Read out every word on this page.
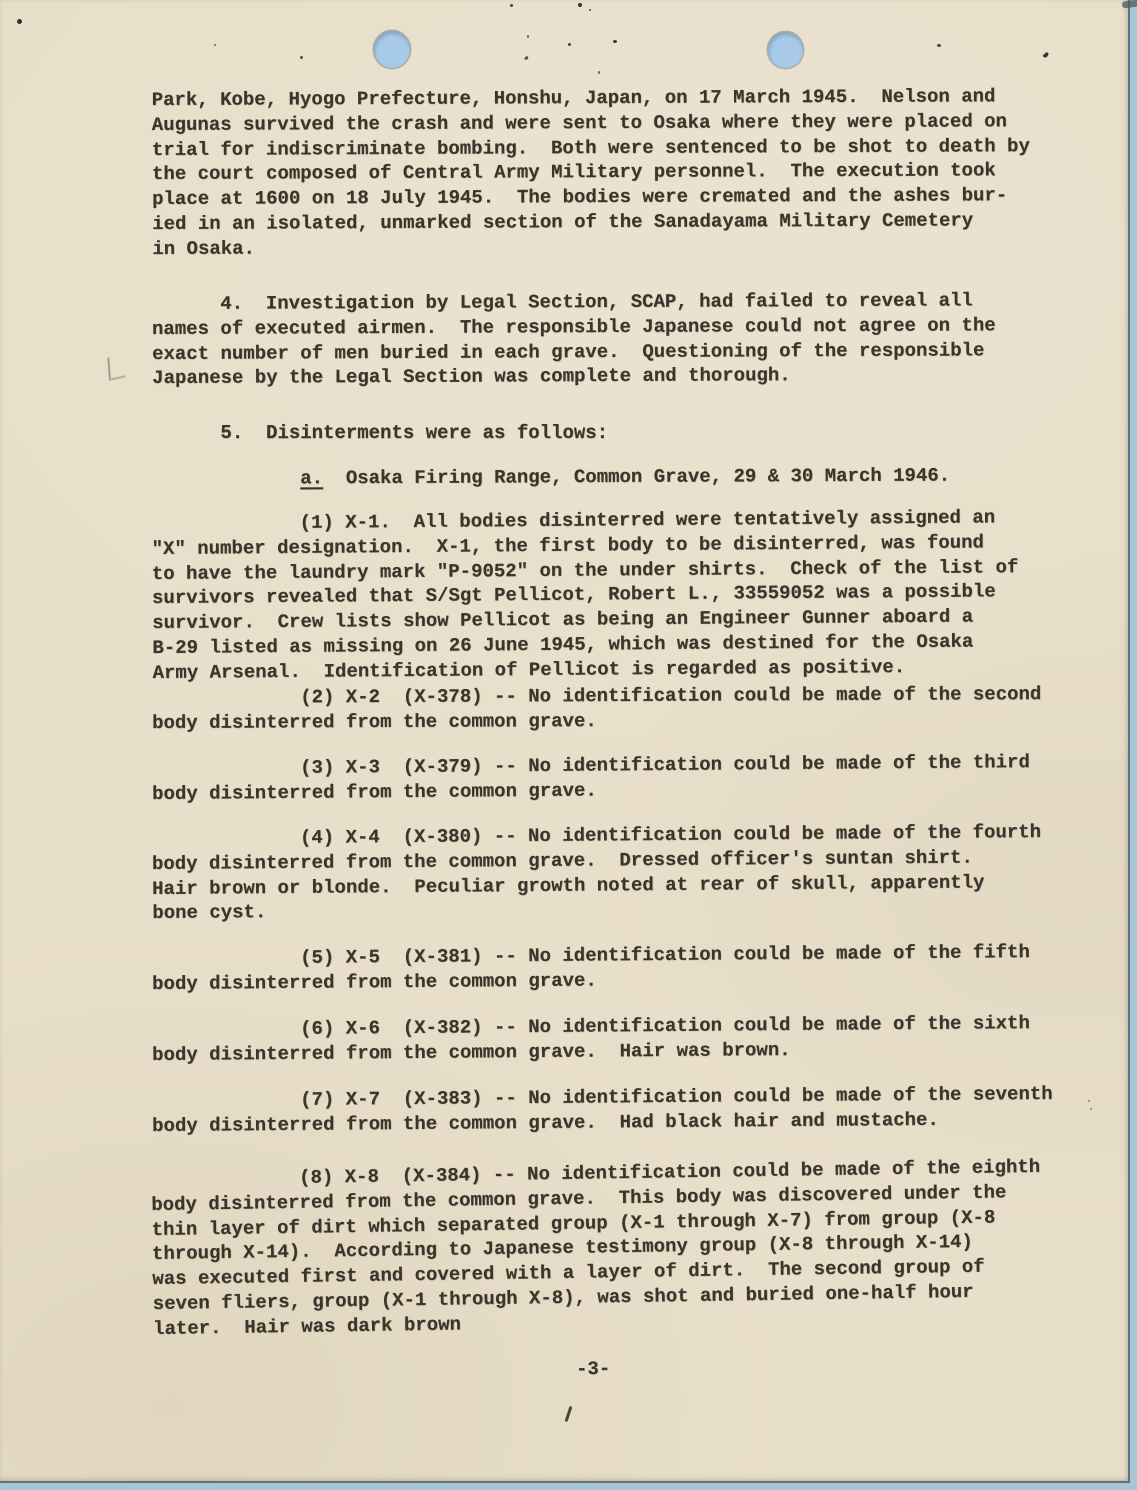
Park, Kobe, Hyogo Prefecture, Honshu, Japan, on 17 March 1945.  Nelson and
Augunas survived the crash and were sent to Osaka where they were placed on
trial for indiscriminate bombing.  Both were sentenced to be shot to death by
the court composed of Central Army Military personnel.  The execution took
place at 1600 on 18 July 1945.  The bodies were cremated and the ashes bur-
ied in an isolated, unmarked section of the Sanadayama Military Cemetery
in Osaka.
4.  Investigation by Legal Section, SCAP, had failed to reveal all
names of executed airmen.  The responsible Japanese could not agree on the
exact number of men buried in each grave.  Questioning of the responsible
Japanese by the Legal Section was complete and thorough.
5.  Disinterments were as follows:
a.  Osaka Firing Range, Common Grave, 29 & 30 March 1946.
(1) X-1.  All bodies disinterred were tentatively assigned an
"X" number designation.  X-1, the first body to be disinterred, was found
to have the laundry mark "P-9052" on the under shirts.  Check of the list of
survivors revealed that S/Sgt Pellicot, Robert L., 33559052 was a possible
survivor.  Crew lists show Pellicot as being an Engineer Gunner aboard a
B-29 listed as missing on 26 June 1945, which was destined for the Osaka
Army Arsenal.  Identification of Pellicot is regarded as positive.
(2) X-2  (X-378) -- No identification could be made of the second
body disinterred from the common grave.
(3) X-3  (X-379) -- No identification could be made of the third
body disinterred from the common grave.
(4) X-4  (X-380) -- No identification could be made of the fourth
body disinterred from the common grave.  Dressed officer's suntan shirt.
Hair brown or blonde.  Peculiar growth noted at rear of skull, apparently
bone cyst.
(5) X-5  (X-381) -- No identification could be made of the fifth
body disinterred from the common grave.
(6) X-6  (X-382) -- No identification could be made of the sixth
body disinterred from the common grave.  Hair was brown.
(7) X-7  (X-383) -- No identification could be made of the seventh
body disinterred from the common grave.  Had black hair and mustache.
(8) X-8  (X-384) -- No identification could be made of the eighth
body disinterred from the common grave.  This body was discovered under the
thin layer of dirt which separated group (X-1 through X-7) from group (X-8
through X-14).  According to Japanese testimony group (X-8 through X-14)
was executed first and covered with a layer of dirt.  The second group of
seven fliers, group (X-1 through X-8), was shot and buried one-half hour
later.  Hair was dark brown
-3-
